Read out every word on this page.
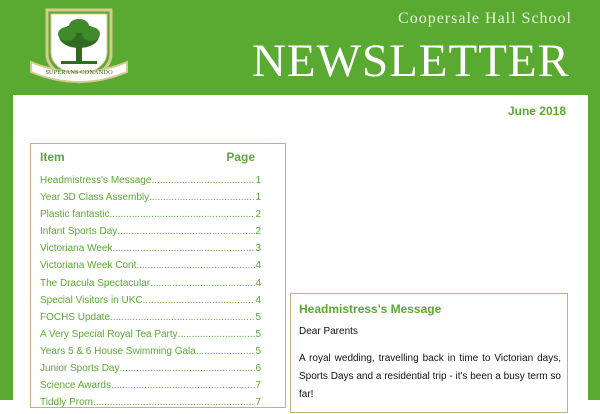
SUPERANS CONANDO
Coopersale Hall School
NEWSLETTER
June 2018
Item	Page
Headmistress's Message .....	1
Year 3D Class Assembly .....	1
Plastic fantastic .....	2
Infant Sports Day .....	2
Victoriana Week .....	3
Victoriana Week Cont .....	4
The Dracula Spectacular .....	4
Special Visitors in UKC .....	4
FOCHS Update .....	5
A Very Special Royal Tea Party .....	5
Years 5 & 6 House Swimming Gala .....	5
Junior Sports Day .....	6
Science Awards .....	7
Tiddly Prom .....	7
Headmistress's Message
Dear Parents

A royal wedding, travelling back in time to Victorian days, Sports Days and a residential trip - it's been a busy term so far!
